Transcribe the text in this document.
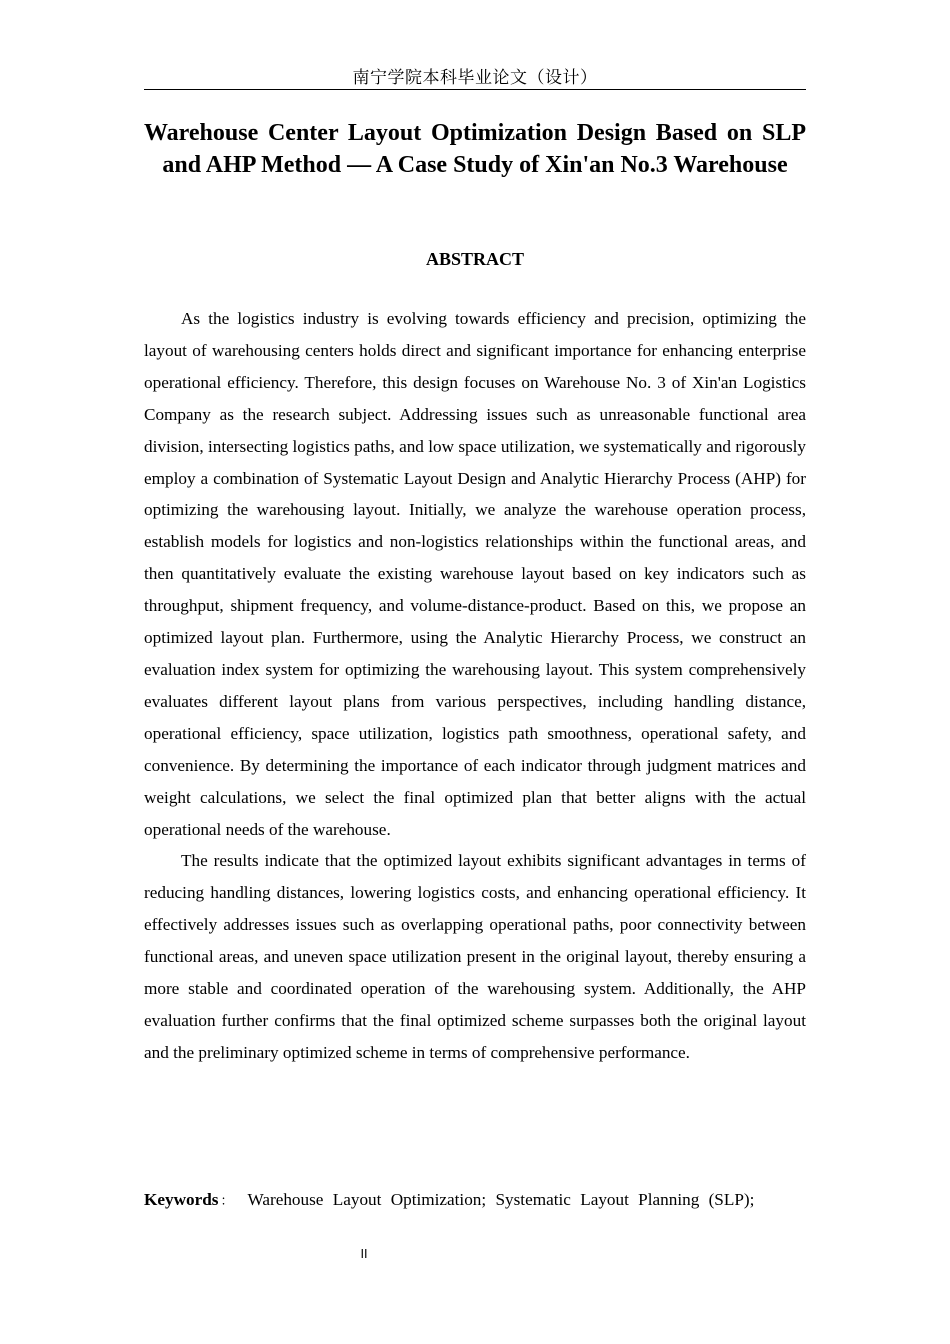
南宁学院本科毕业论文（设计）
Warehouse Center Layout Optimization Design Based on SLP and AHP Method — A Case Study of Xin'an No.3 Warehouse
ABSTRACT

As the logistics industry is evolving towards efficiency and precision, optimizing the layout of warehousing centers holds direct and significant importance for enhancing enterprise operational efficiency. Therefore, this design focuses on Warehouse No. 3 of Xin'an Logistics Company as the research subject. Addressing issues such as unreasonable functional area division, intersecting logistics paths, and low space utilization, we systematically and rigorously employ a combination of Systematic Layout Design and Analytic Hierarchy Process (AHP) for optimizing the warehousing layout. Initially, we analyze the warehouse operation process, establish models for logistics and non-logistics relationships within the functional areas, and then quantitatively evaluate the existing warehouse layout based on key indicators such as throughput, shipment frequency, and volume-distance-product. Based on this, we propose an optimized layout plan. Furthermore, using the Analytic Hierarchy Process, we construct an evaluation index system for optimizing the warehousing layout. This system comprehensively evaluates different layout plans from various perspectives, including handling distance, operational efficiency, space utilization, logistics path smoothness, operational safety, and convenience. By determining the importance of each indicator through judgment matrices and weight calculations, we select the final optimized plan that better aligns with the actual operational needs of the warehouse.

The results indicate that the optimized layout exhibits significant advantages in terms of reducing handling distances, lowering logistics costs, and enhancing operational efficiency. It effectively addresses issues such as overlapping operational paths, poor connectivity between functional areas, and uneven space utilization present in the original layout, thereby ensuring a more stable and coordinated operation of the warehousing system. Additionally, the AHP evaluation further confirms that the final optimized scheme surpasses both the original layout and the preliminary optimized scheme in terms of comprehensive performance.

Keywords ： Warehouse Layout Optimization; Systematic Layout Planning (SLP);

II
